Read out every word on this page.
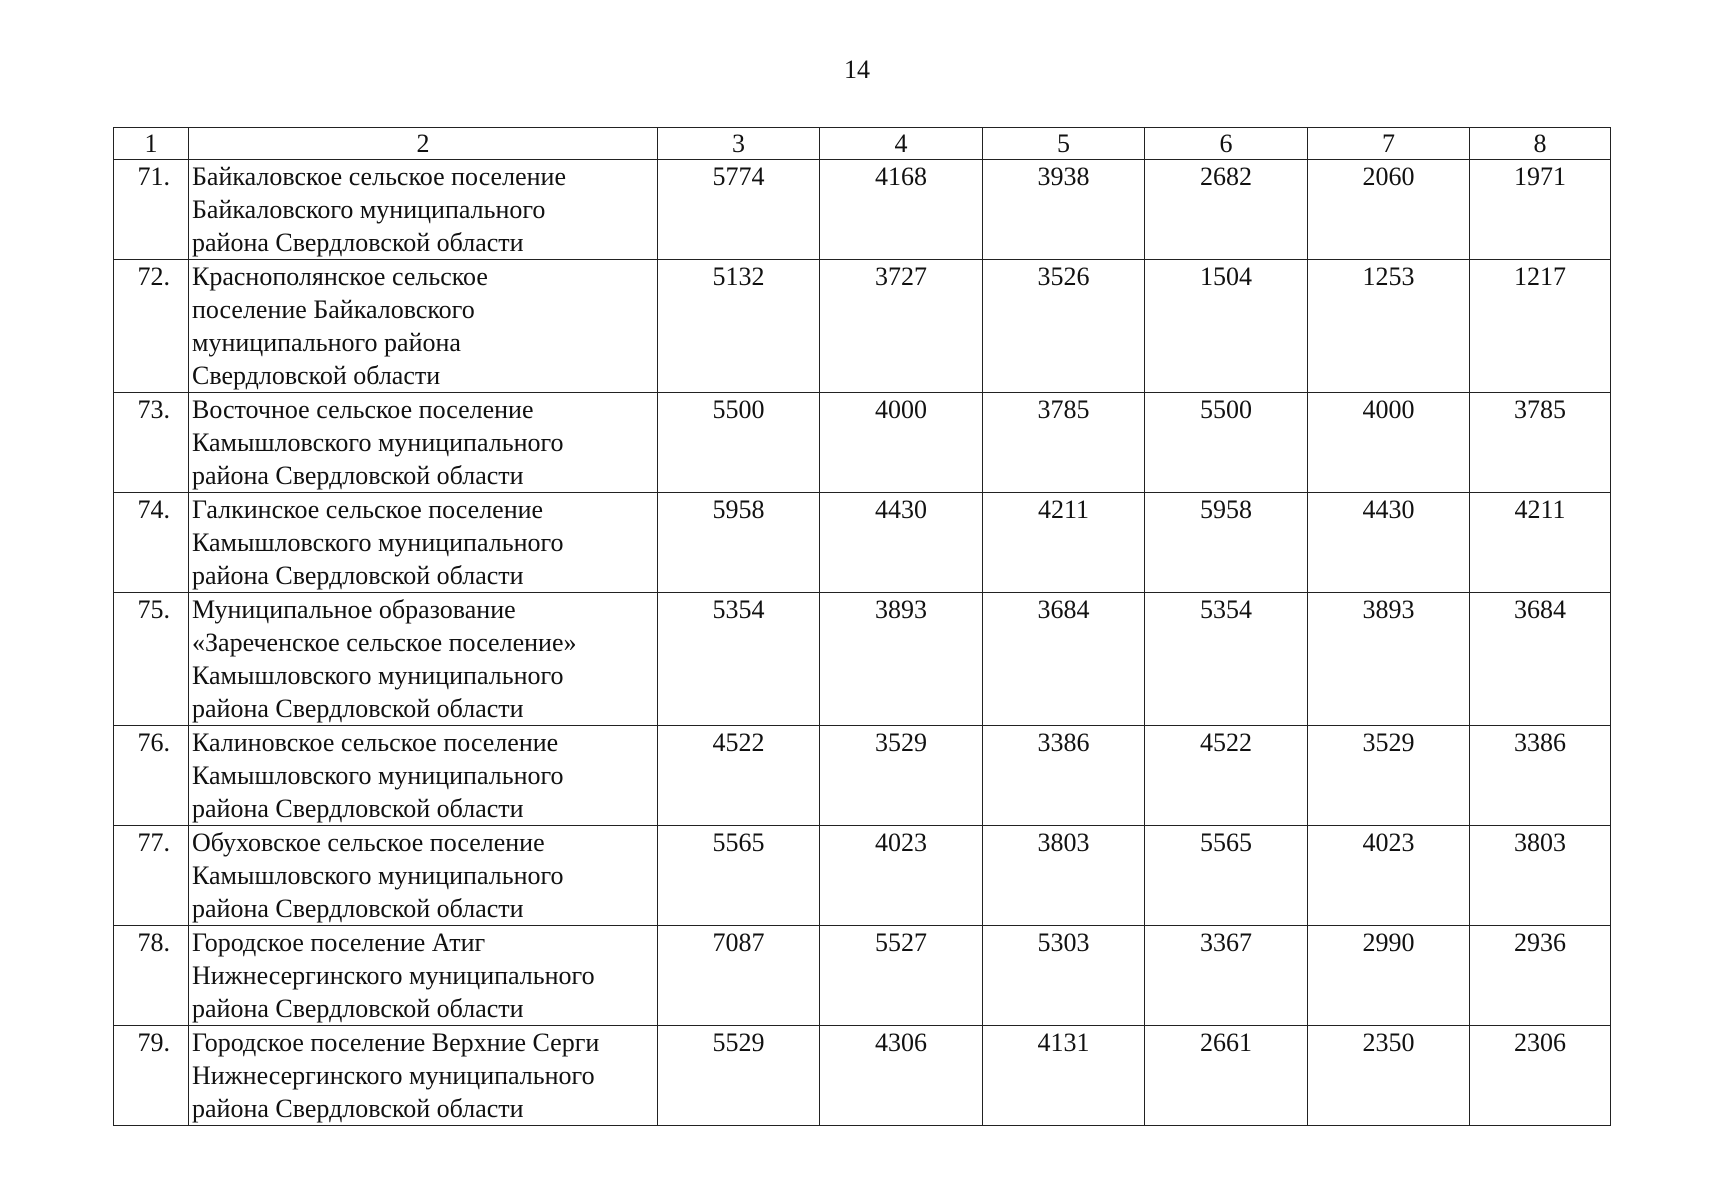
14
1	2	3	4	5	6	7	8
71.	Байкаловское сельское поселение
Байкаловского муниципального
района Свердловской области	5774	4168	3938	2682	2060	1971
72.	Краснополянское сельское
поселение Байкаловского
муниципального района
Свердловской области	5132	3727	3526	1504	1253	1217
73.	Восточное сельское поселение
Камышловского муниципального
района Свердловской области	5500	4000	3785	5500	4000	3785
74.	Галкинское сельское поселение
Камышловского муниципального
района Свердловской области	5958	4430	4211	5958	4430	4211
75.	Муниципальное образование
«Зареченское сельское поселение»
Камышловского муниципального
района Свердловской области	5354	3893	3684	5354	3893	3684
76.	Калиновское сельское поселение
Камышловского муниципального
района Свердловской области	4522	3529	3386	4522	3529	3386
77.	Обуховское сельское поселение
Камышловского муниципального
района Свердловской области	5565	4023	3803	5565	4023	3803
78.	Городское поселение Атиг
Нижнесергинского муниципального
района Свердловской области	7087	5527	5303	3367	2990	2936
79.	Городское поселение Верхние Серги
Нижнесергинского муниципального
района Свердловской области	5529	4306	4131	2661	2350	2306
